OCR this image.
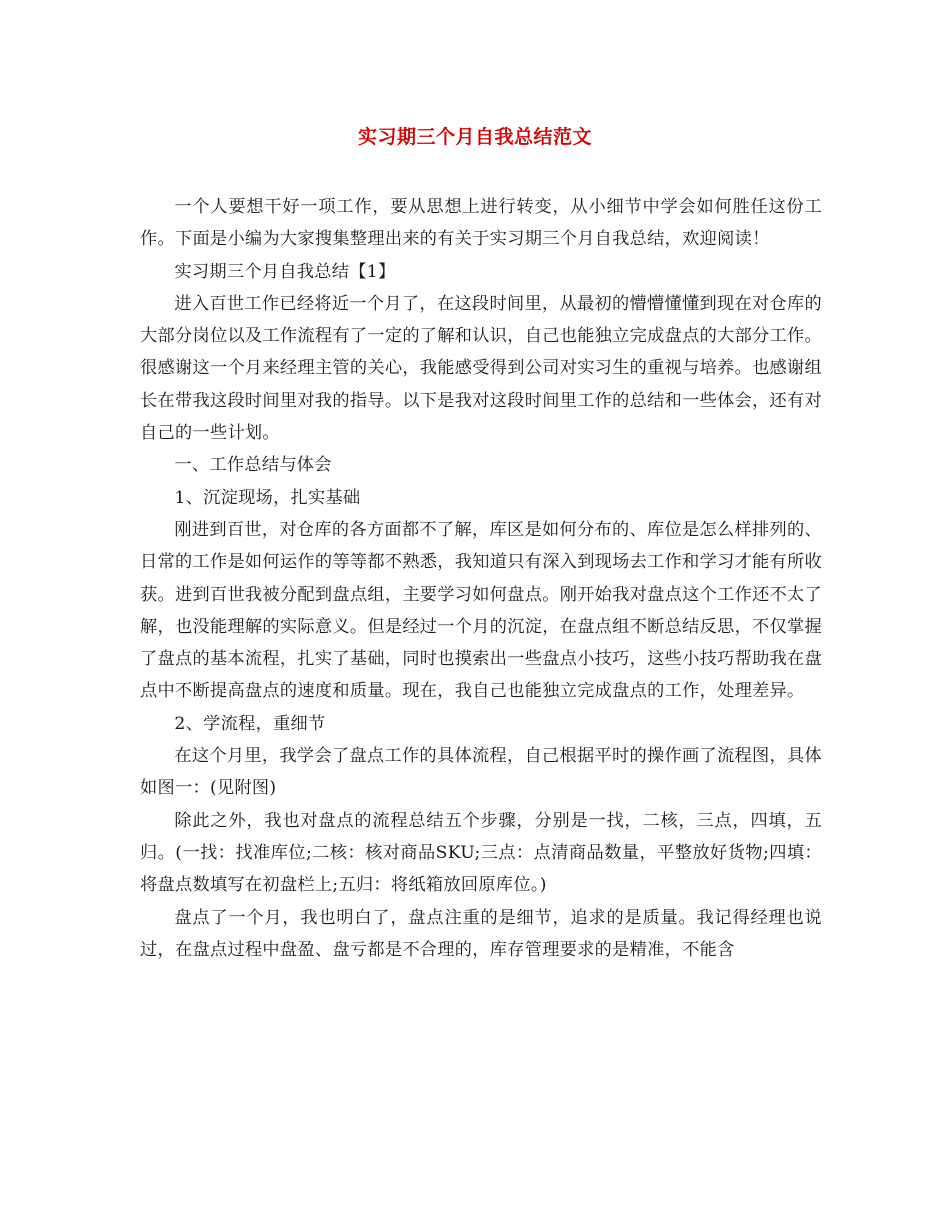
实习期三个月自我总结范文

一个人要想干好一项工作，要从思想上进行转变，从小细节中学会如何胜任这份工作。下面是小编为大家搜集整理出来的有关于实习期三个月自我总结，欢迎阅读！

实习期三个月自我总结【1】

进入百世工作已经将近一个月了，在这段时间里，从最初的懵懵懂懂到现在对仓库的大部分岗位以及工作流程有了一定的了解和认识，自己也能独立完成盘点的大部分工作。很感谢这一个月来经理主管的关心，我能感受得到公司对实习生的重视与培养。也感谢组长在带我这段时间里对我的指导。以下是我对这段时间里工作的总结和一些体会，还有对自己的一些计划。

一、工作总结与体会

1、沉淀现场，扎实基础

刚进到百世，对仓库的各方面都不了解，库区是如何分布的、库位是怎么样排列的、日常的工作是如何运作的等等都不熟悉，我知道只有深入到现场去工作和学习才能有所收获。进到百世我被分配到盘点组，主要学习如何盘点。刚开始我对盘点这个工作还不太了解，也没能理解的实际意义。但是经过一个月的沉淀，在盘点组不断总结反思，不仅掌握了盘点的基本流程，扎实了基础，同时也摸索出一些盘点小技巧，这些小技巧帮助我在盘点中不断提高盘点的速度和质量。现在，我自己也能独立完成盘点的工作，处理差异。

2、学流程，重细节

在这个月里，我学会了盘点工作的具体流程，自己根据平时的操作画了流程图，具体如图一：(见附图)

除此之外，我也对盘点的流程总结五个步骤，分别是一找，二核，三点，四填，五归。(一找：找准库位;二核：核对商品SKU;三点：点清商品数量，平整放好货物;四填：将盘点数填写在初盘栏上;五归：将纸箱放回原库位。)

盘点了一个月，我也明白了，盘点注重的是细节，追求的是质量。我记得经理也说过，在盘点过程中盘盈、盘亏都是不合理的，库存管理要求的是精准，不能含
